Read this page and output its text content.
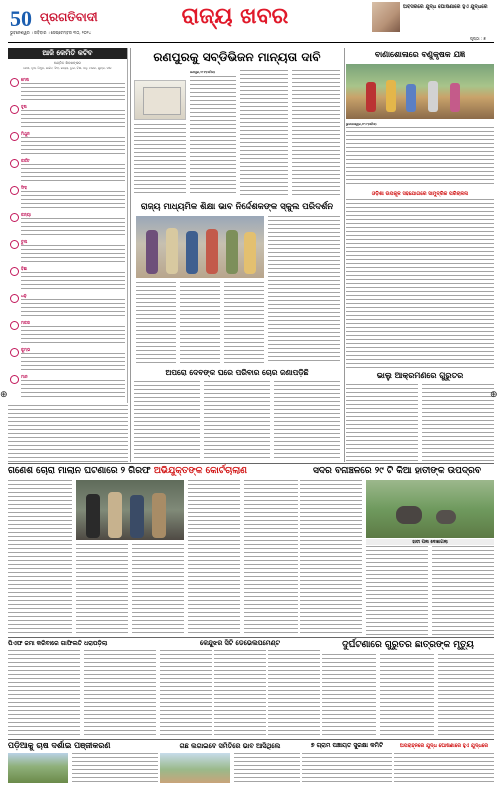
50 ପ୍ରଗତିବାଦୀ
ଭୁବନେଶ୍ୱର । ରବିବାର । ସେପ୍ଟେମ୍ବର ୩୦, ୨୦୨୪
ରାଜ୍ୟ ଖବର	ଅବସରରେ ଯୁଦ୍ଧ ଘୋଷଣାରେ ହୁଏ ଯୁଦ୍ଧରେ
ପୃଷ୍ଠା : ୭
ଆଜି କେମିତି କଟିବ
ପଣ୍ଡିତ ଶିବଶଙ୍କର
ମେଷ, ବୃଷ, ମିଥୁନ, କର୍କଟ, ସିଂହ, କନ୍ୟା, ତୁଳା, ବିଛା, ଧନୁ, ମକର, କୁମ୍ଭ, ମୀନ
ମେଷ
ବୃଷ
ମିଥୁନ
କର୍କଟ
ସିଂହ
କନ୍ୟା
ତୁଳା
ବିଛା
ଧନୁ
ମକର
କୁମ୍ଭ
ମୀନ
ରଣପୁରକୁ ସବ୍‌ଡିଭିଜନ ମାନ୍ୟତା ଦାବି
ରଣପୁର,୨୯।୯(ସମିସ)
ବାଣାଶୋଳାରେ ବଣୁକୃଷକ ଯଜ୍ଞ
ଭୁବନେଶ୍ୱର,୨୯।୯(ସମିସ)
ଓଡ଼ିଶା ଉପକୂଳ ସହଯୋଗରେ ସାମୁଦ୍ରିକ ପରିଚାଳନା
ରାଜ୍ୟ ମାଧ୍ୟମିକ ଶିକ୍ଷା ଭାବ ନିର୍ଦ୍ଦେଶକଙ୍କ ସ୍କୁଲ ପରିଦର୍ଶନ
ଅପରୋ ଦେବଙ୍କ ଘରେ ପରିବାର ଚୋର ଜଣାପଡ଼ିଛି	ଭାଲୁ ଆକ୍ରମଣରେ ଗୁରୁତର
ଗଣେଶ ଚୋରା ମାଲାନ ଘଟଣାରେ ୨ ଗିରଫ ଅଭିଯୁକ୍ତଙ୍କ କୋର୍ଟଚାଲାଣ	ସଦର ବନାଞ୍ଚଳରେ ୨୯ ଟି କିଆ ହାତୀଙ୍କ ଉପଦ୍ରବ
ହାତୀ ପଲ ଦେଖାଗଲା
ପିଏଫ ଜମା କରିବାରେ ଗାଫିଲତି ଧରାପଡ଼ିଲା	କେନ୍ଦୁଝର ସିଟି ଡେଭେଲପମେଣ୍ଟ	ଦୁର୍ଘଟଣାରେ ଗୁରୁତର ଛାତ୍ରଙ୍କ ମୃତ୍ୟୁ
ପଡ଼ିଆକୁ ଚାଷ ଦର୍ଶାଇ ପଞ୍ଜୀକରଣ	ଗଛ ଲଗାଇବେ ସମିତିରେ ଭାବ ଆସିଥିଲେ	୭ ଗ୍ରାମ ପଞ୍ଚାୟତ ସୁରକ୍ଷା କମିଟି	ଅପରାହ୍ନରେ ଯୁଦ୍ଧ ଘୋଷଣାରେ ହୁଏ ଯୁଦ୍ଧରେ
⊕	⊕
